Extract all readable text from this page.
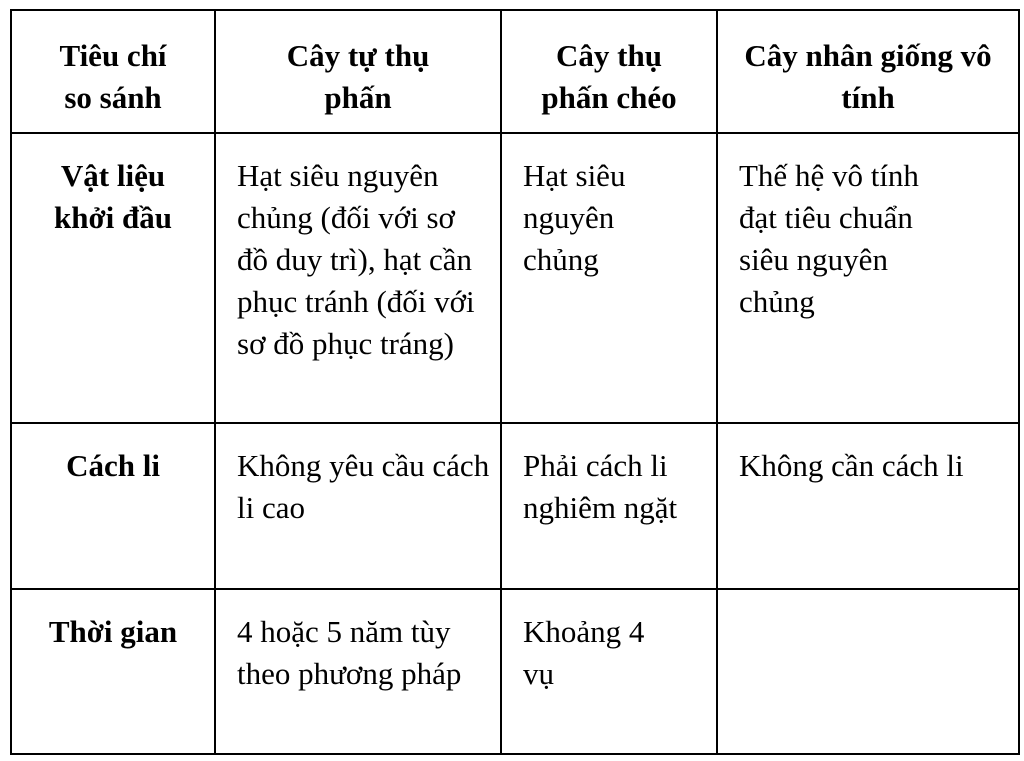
Tiêu chí so sánh	Cây tự thụ phấn	Cây thụ phấn chéo	Cây nhân giống vô tính

Vật liệu khởi đầu	Hạt siêu nguyên chủng (đối với sơ đồ duy trì), hạt cần phục tránh (đối với sơ đồ phục tráng)	Hạt siêu nguyên chủng	Thế hệ vô tính đạt tiêu chuẩn siêu nguyên chủng

Cách li	Không yêu cầu cách li cao	Phải cách li nghiêm ngặt	Không cần cách li

Thời gian	4 hoặc 5 năm tùy theo phương pháp	Khoảng 4 vụ	
